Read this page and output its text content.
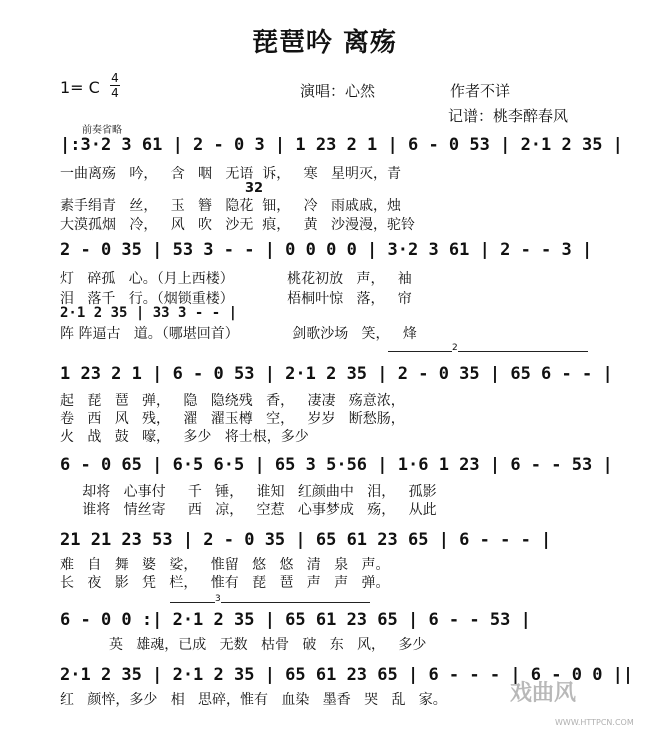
琵琶吟 离殇
1= C 4
4	演唱：心然	作者不详
记谱：桃李醉春风
前奏省略
2
3
|:3·2 3 61 | 2 - 0 3 | 1 23 2 1 | 6 - 0 53 | 2·1 2 35 |
一曲离殇   吟，   含   咽   无语  诉，   寒   星明灭，青
32
素手绢青   丝，   玉   簪   隐花  钿，   冷   雨戚戚，烛
大漠孤烟   冷，   风   吹   沙无  痕，   黄   沙漫漫，驼铃
2 - 0 35 | 53 3 - - | 0 0 0 0 | 3·2 3 61 | 2 - - 3 |
灯   碎孤   心。（月上西楼）            桃花初放   声，   袖
泪   落千   行。（烟锁重楼）            梧桐叶惊   落，   帘
2·1 2 35 | 33 3 - - |
阵 阵逼古   道。（哪堪回首）            剑歌沙场   笑，   烽
1 23 2 1 | 6 - 0 53 | 2·1 2 35 | 2 - 0 35 | 65 6 - - |
起   琵   琶   弹，   隐   隐绕残   香，   凄凄   殇意浓，
卷   西   风   残，   濯   濯玉樽   空，   岁岁   断愁肠，
火   战   鼓   嚎，   多少   将士根，多少
6 - 0 65 | 6·5 6·5 | 65 3 5·56 | 1·6 1 23 | 6 - - 53 |
却将   心事付     千   锤，   谁知   红颜曲中   泪，   孤影
谁将   情丝寄     西   凉，   空惹   心事梦成   殇，   从此
21 21 23 53 | 2 - 0 35 | 65 61 23 65 | 6 - - - |
难   自   舞   婆   娑，   惟留   悠   悠   清   泉   声。
长   夜   影   凭   栏，   惟有   琵   琶   声   声   弹。
6 - 0 0 :| 2·1 2 35 | 65 61 23 65 | 6 - - 53 |
英   雄魂，已成   无数   枯骨   破   东   风，   多少
2·1 2 35 | 2·1 2 35 | 65 61 23 65 | 6 - - - | 6 - 0 0 ||
红   颜悴，多少   相   思碎，惟有   血染   墨香   哭   乱   家。	戏曲风
WWW.HTTPCN.COM
